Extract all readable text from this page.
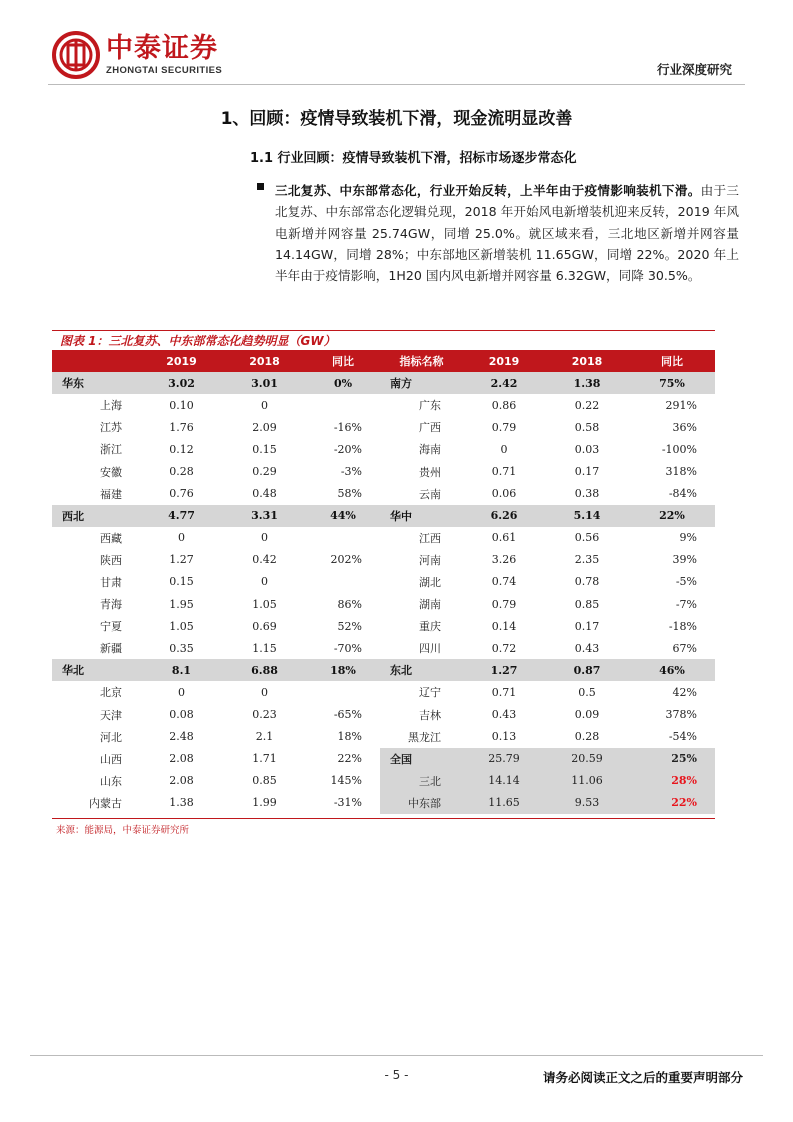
中泰证券
ZHONGTAI SECURITIES	行业深度研究
1、回顾：疫情导致装机下滑，现金流明显改善
1.1 行业回顾：疫情导致装机下滑，招标市场逐步常态化

三北复苏、中东部常态化，行业开始反转，上半年由于疫情影响装机下滑。由于三北复苏、中东部常态化逻辑兑现，2018 年开始风电新增装机迎来反转，2019 年风电新增并网容量 25.74GW，同增 25.0%。就区域来看，三北地区新增并网容量 14.14GW，同增 28%；中东部地区新增装机 11.65GW，同增 22%。2020 年上半年由于疫情影响，1H20 国内风电新增并网容量 6.32GW，同降 30.5%。

图表 1：三北复苏、中东部常态化趋势明显（GW）
	2019	2018	同比	指标名称	2019	2018	同比
华东	3.02	3.01	0%	南方	2.42	1.38	75%
上海	0.10	0		广东	0.86	0.22	291%
江苏	1.76	2.09	-16%	广西	0.79	0.58	36%
浙江	0.12	0.15	-20%	海南	0	0.03	-100%
安徽	0.28	0.29	-3%	贵州	0.71	0.17	318%
福建	0.76	0.48	58%	云南	0.06	0.38	-84%
西北	4.77	3.31	44%	华中	6.26	5.14	22%
西藏	0	0		江西	0.61	0.56	9%
陕西	1.27	0.42	202%	河南	3.26	2.35	39%
甘肃	0.15	0		湖北	0.74	0.78	-5%
青海	1.95	1.05	86%	湖南	0.79	0.85	-7%
宁夏	1.05	0.69	52%	重庆	0.14	0.17	-18%
新疆	0.35	1.15	-70%	四川	0.72	0.43	67%
华北	8.1	6.88	18%	东北	1.27	0.87	46%
北京	0	0		辽宁	0.71	0.5	42%
天津	0.08	0.23	-65%	吉林	0.43	0.09	378%
河北	2.48	2.1	18%	黑龙江	0.13	0.28	-54%
山西	2.08	1.71	22%	全国	25.79	20.59	25%
山东	2.08	0.85	145%	三北	14.14	11.06	28%
内蒙古	1.38	1.99	-31%	中东部	11.65	9.53	22%
来源：能源局，中泰证券研究所
- 5 -	请务必阅读正文之后的重要声明部分
